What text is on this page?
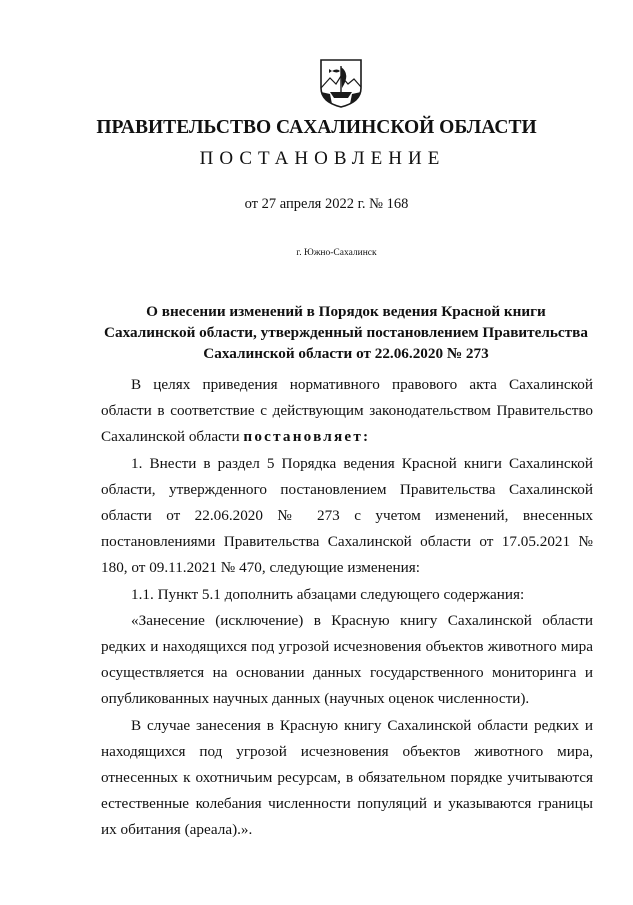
ПРАВИТЕЛЬСТВО САХАЛИНСКОЙ ОБЛАСТИ
ПОСТАНОВЛЕНИЕ
от 27 апреля 2022 г. № 168
г. Южно-Сахалинск
О внесении изменений в Порядок ведения Красной книги Сахалинской области, утвержденный постановлением Правительства Сахалинской области от 22.06.2020 № 273

В целях приведения нормативного правового акта Сахалинской области в соответствие с действующим законодательством Правительство Сахалинской области постановляет:

1. Внести в раздел 5 Порядка ведения Красной книги Сахалинской области, утвержденного постановлением Правительства Сахалинской области от 22.06.2020 № 273 с учетом изменений, внесенных постановлениями Правительства Сахалинской области от 17.05.2021 № 180, от 09.11.2021 № 470, следующие изменения:

1.1. Пункт 5.1 дополнить абзацами следующего содержания:

«Занесение (исключение) в Красную книгу Сахалинской области редких и находящихся под угрозой исчезновения объектов животного мира осуществляется на основании данных государственного мониторинга и опубликованных научных данных (научных оценок численности).

В случае занесения в Красную книгу Сахалинской области редких и находящихся под угрозой исчезновения объектов животного мира, отнесенных к охотничьим ресурсам, в обязательном порядке учитываются естественные колебания численности популяций и указываются границы их обитания (ареала).».
